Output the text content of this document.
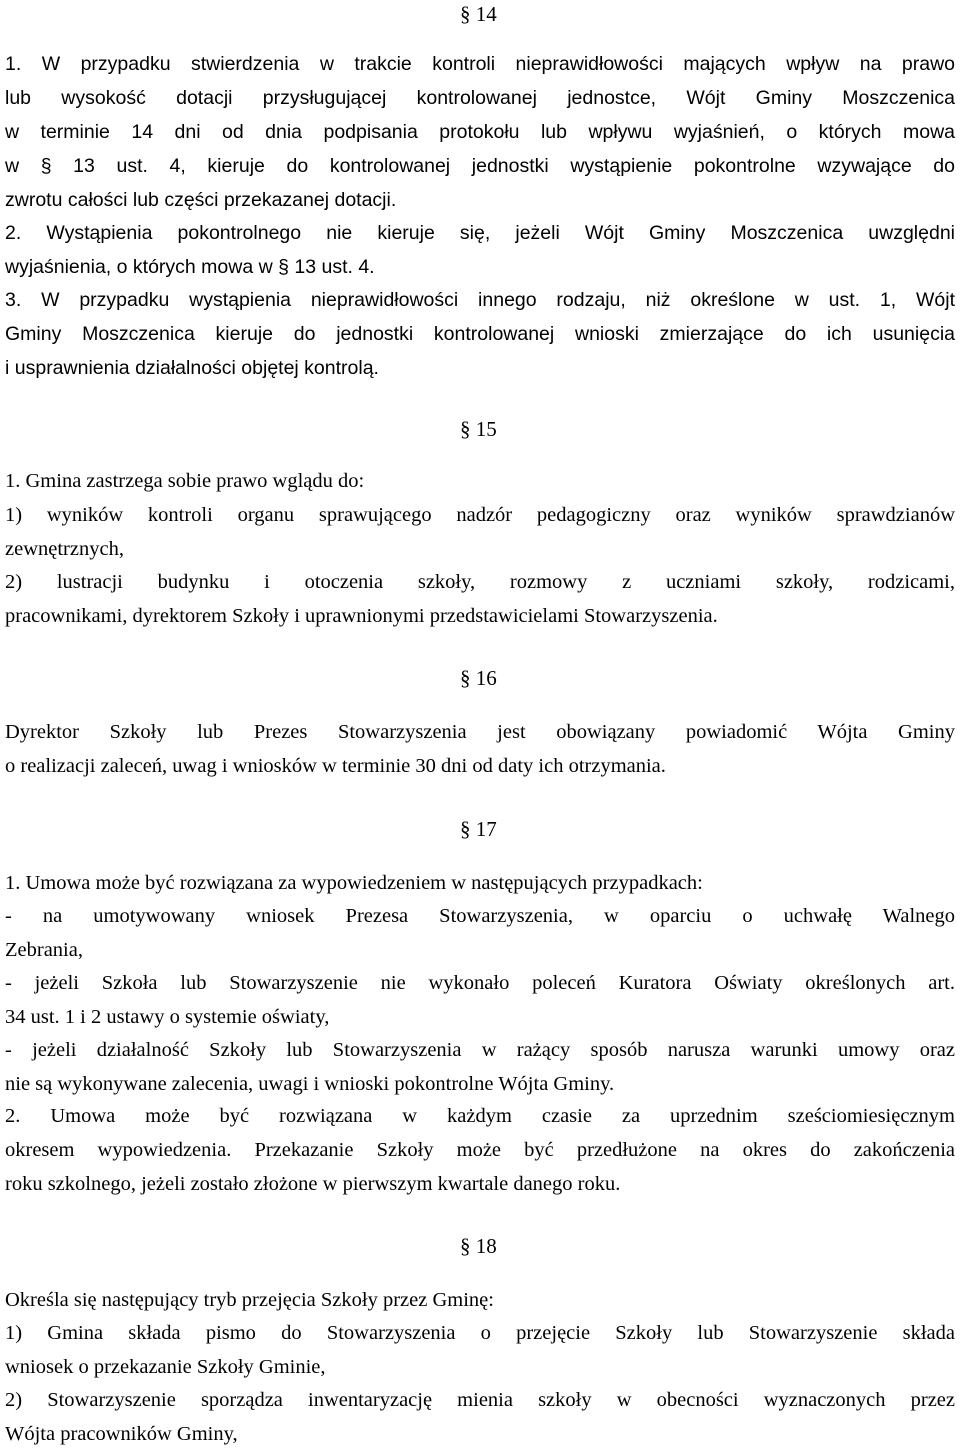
§ 14
1. W przypadku stwierdzenia w trakcie kontroli nieprawidłowości mających wpływ na prawo
lub wysokość dotacji przysługującej kontrolowanej jednostce, Wójt Gminy Moszczenica
w terminie 14 dni od dnia podpisania protokołu lub wpływu wyjaśnień, o których mowa
w § 13 ust. 4, kieruje do kontrolowanej jednostki wystąpienie pokontrolne wzywające do
zwrotu całości lub części przekazanej dotacji.
2. Wystąpienia pokontrolnego nie kieruje się, jeżeli Wójt Gminy Moszczenica uwzględni
wyjaśnienia, o których mowa w § 13 ust. 4.
3. W przypadku wystąpienia nieprawidłowości innego rodzaju, niż określone w ust. 1, Wójt
Gminy Moszczenica kieruje do jednostki kontrolowanej wnioski zmierzające do ich usunięcia
i usprawnienia działalności objętej kontrolą.
§ 15
1. Gmina zastrzega sobie prawo wglądu do:
1) wyników kontroli organu sprawującego nadzór pedagogiczny oraz wyników sprawdzianów
zewnętrznych,
2) lustracji budynku i otoczenia szkoły, rozmowy z uczniami szkoły, rodzicami,
pracownikami, dyrektorem Szkoły i uprawnionymi przedstawicielami Stowarzyszenia.
§ 16
Dyrektor Szkoły lub Prezes Stowarzyszenia jest obowiązany powiadomić Wójta Gminy
o realizacji zaleceń, uwag i wniosków w terminie 30 dni od daty ich otrzymania.
§ 17
1. Umowa może być rozwiązana za wypowiedzeniem w następujących przypadkach:
- na umotywowany wniosek Prezesa Stowarzyszenia, w oparciu o uchwałę Walnego
Zebrania,
- jeżeli Szkoła lub Stowarzyszenie nie wykonało poleceń Kuratora Oświaty określonych art.
34 ust. 1 i 2 ustawy o systemie oświaty,
- jeżeli działalność Szkoły lub Stowarzyszenia w rażący sposób narusza warunki umowy oraz
nie są wykonywane zalecenia, uwagi i wnioski pokontrolne Wójta Gminy.
2. Umowa może być rozwiązana w każdym czasie za uprzednim sześciomiesięcznym
okresem wypowiedzenia. Przekazanie Szkoły może być przedłużone na okres do zakończenia
roku szkolnego, jeżeli zostało złożone w pierwszym kwartale danego roku.
§ 18
Określa się następujący tryb przejęcia Szkoły przez Gminę:
1) Gmina składa pismo do Stowarzyszenia o przejęcie Szkoły lub Stowarzyszenie składa
wniosek o przekazanie Szkoły Gminie,
2) Stowarzyszenie sporządza inwentaryzację mienia szkoły w obecności wyznaczonych przez
Wójta pracowników Gminy,
